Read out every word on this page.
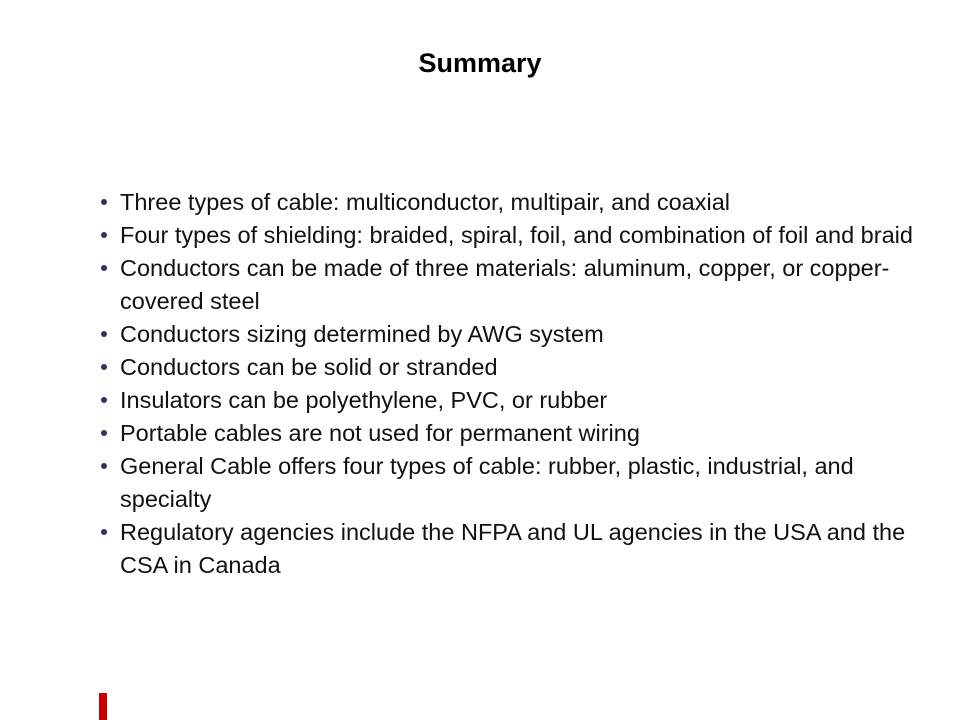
Summary
Three types of cable: multiconductor, multipair, and coaxial
Four types of shielding: braided, spiral, foil, and combination of foil and braid
Conductors can be made of three materials: aluminum, copper, or copper-covered steel
Conductors sizing determined by AWG system
Conductors can be solid or stranded
Insulators can be polyethylene, PVC, or rubber
Portable cables are not used for permanent wiring
General Cable offers four types of cable: rubber, plastic, industrial, and specialty
Regulatory agencies include the NFPA and UL agencies in the USA and the CSA in Canada
